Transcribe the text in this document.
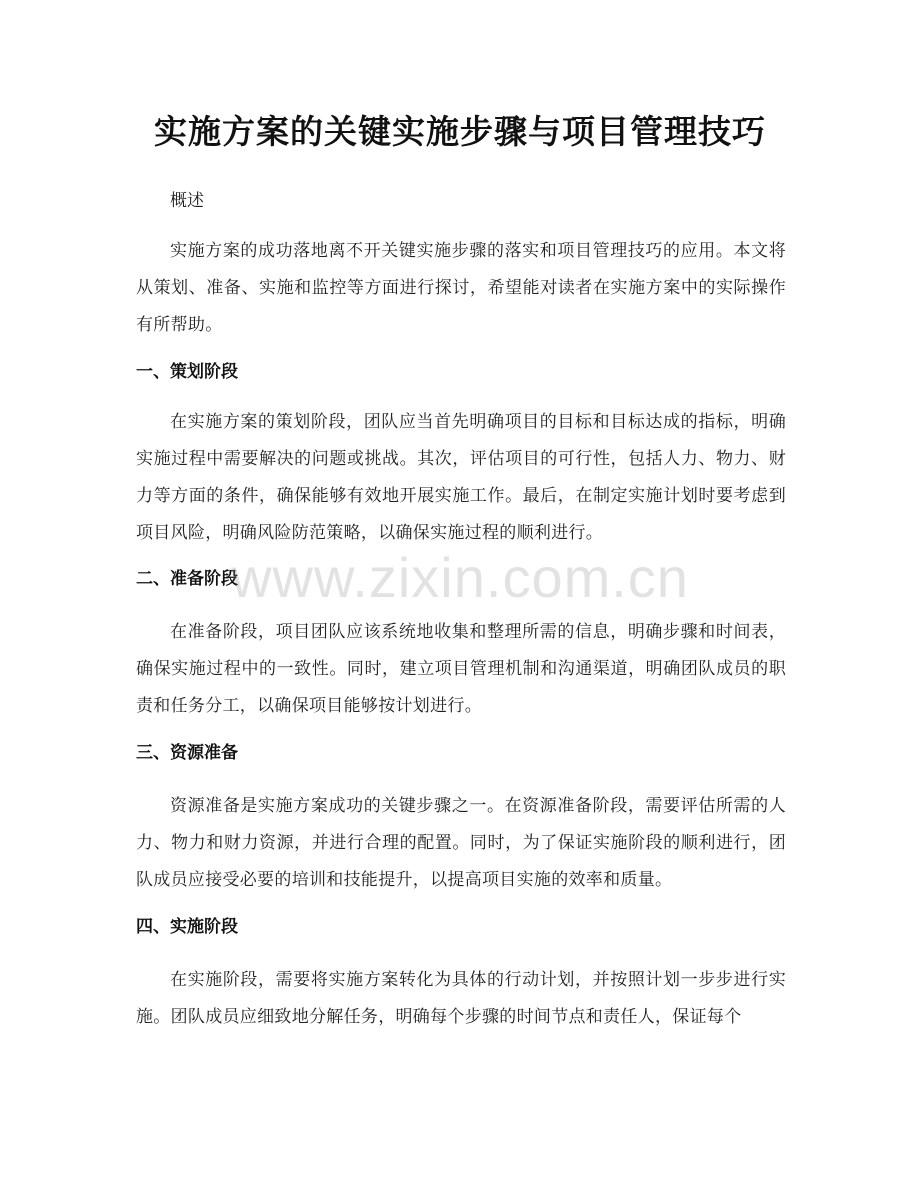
实施方案的关键实施步骤与项目管理技巧
概述

实施方案的成功落地离不开关键实施步骤的落实和项目管理技巧的应用。本文将从策划、准备、实施和监控等方面进行探讨，希望能对读者在实施方案中的实际操作有所帮助。

一、策划阶段

在实施方案的策划阶段，团队应当首先明确项目的目标和目标达成的指标，明确实施过程中需要解决的问题或挑战。其次，评估项目的可行性，包括人力、物力、财力等方面的条件，确保能够有效地开展实施工作。最后，在制定实施计划时要考虑到项目风险，明确风险防范策略，以确保实施过程的顺利进行。

二、准备阶段

在准备阶段，项目团队应该系统地收集和整理所需的信息，明确步骤和时间表，确保实施过程中的一致性。同时，建立项目管理机制和沟通渠道，明确团队成员的职责和任务分工，以确保项目能够按计划进行。

三、资源准备

资源准备是实施方案成功的关键步骤之一。在资源准备阶段，需要评估所需的人力、物力和财力资源，并进行合理的配置。同时，为了保证实施阶段的顺利进行，团队成员应接受必要的培训和技能提升，以提高项目实施的效率和质量。

四、实施阶段

在实施阶段，需要将实施方案转化为具体的行动计划，并按照计划一步步进行实施。团队成员应细致地分解任务，明确每个步骤的时间节点和责任人，保证每个

www.zixin.com.cn
